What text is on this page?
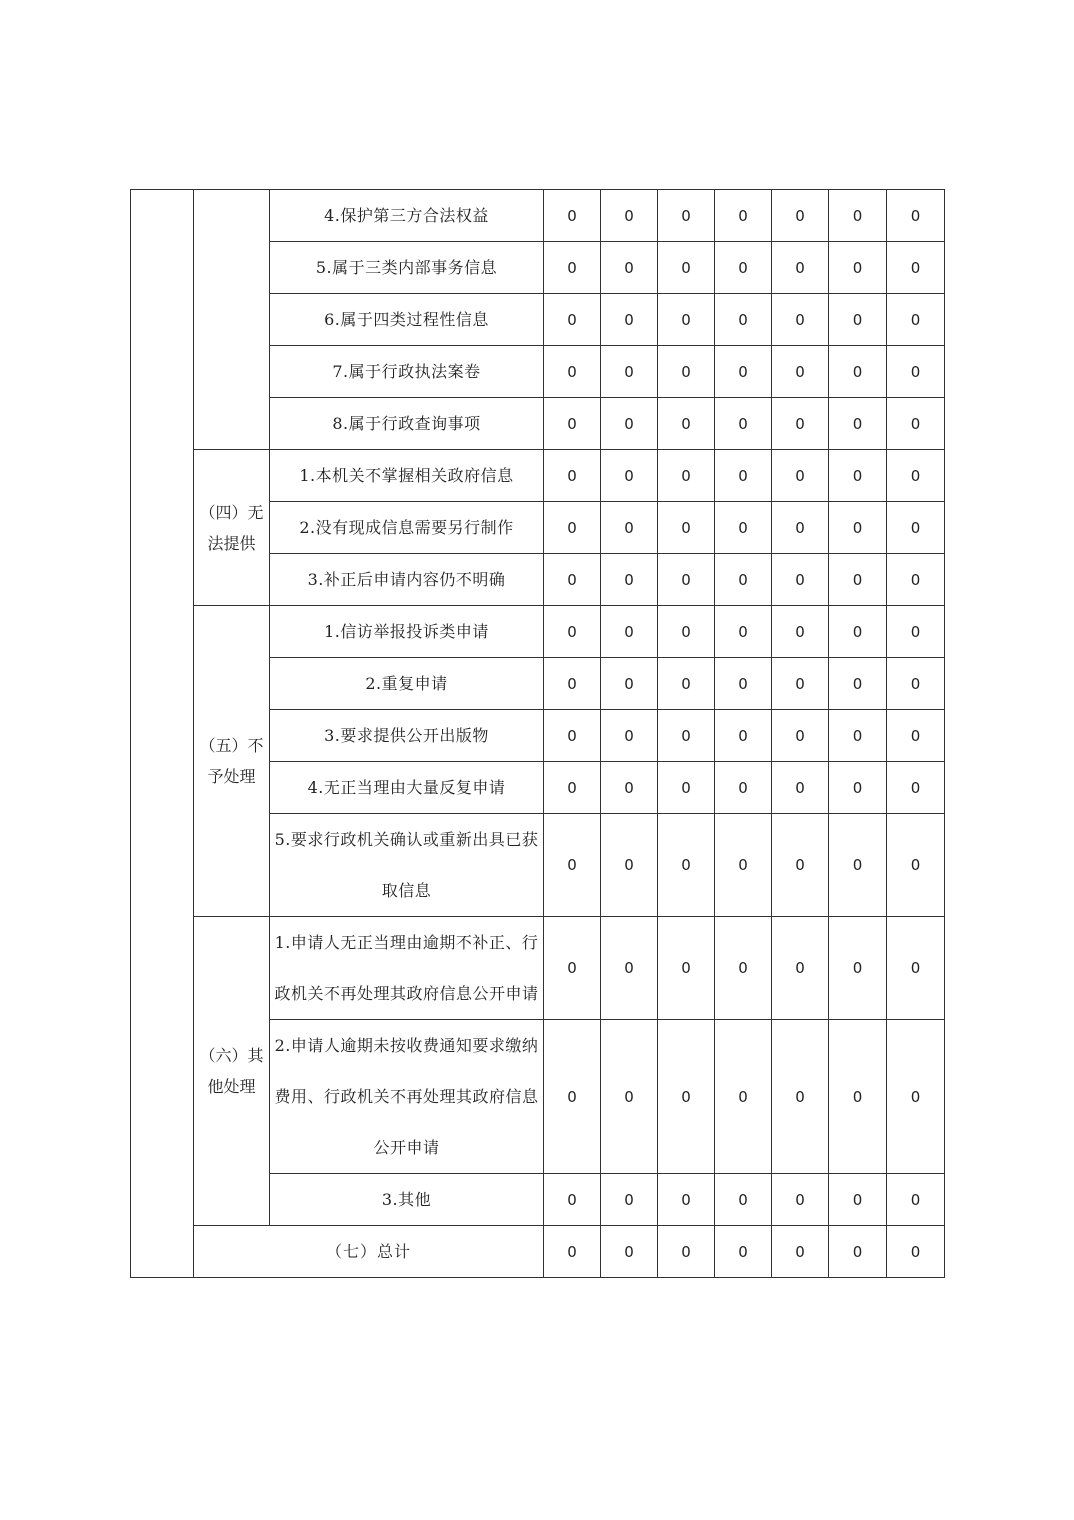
		4.保护第三方合法权益	0	0	0	0	0	0	0
		5.属于三类内部事务信息	0	0	0	0	0	0	0
		6.属于四类过程性信息	0	0	0	0	0	0	0
		7.属于行政执法案卷	0	0	0	0	0	0	0
		8.属于行政查询事项	0	0	0	0	0	0	0
	（四）无法提供	1.本机关不掌握相关政府信息	0	0	0	0	0	0	0
		2.没有现成信息需要另行制作	0	0	0	0	0	0	0
		3.补正后申请内容仍不明确	0	0	0	0	0	0	0
	（五）不予处理	1.信访举报投诉类申请	0	0	0	0	0	0	0
		2.重复申请	0	0	0	0	0	0	0
		3.要求提供公开出版物	0	0	0	0	0	0	0
		4.无正当理由大量反复申请	0	0	0	0	0	0	0
		5.要求行政机关确认或重新出具已获取信息	0	0	0	0	0	0	0
	（六）其他处理	1.申请人无正当理由逾期不补正、行政机关不再处理其政府信息公开申请	0	0	0	0	0	0	0
		2.申请人逾期未按收费通知要求缴纳费用、行政机关不再处理其政府信息公开申请	0	0	0	0	0	0	0
		3.其他	0	0	0	0	0	0	0
	（七）总计		0	0	0	0	0	0	0
